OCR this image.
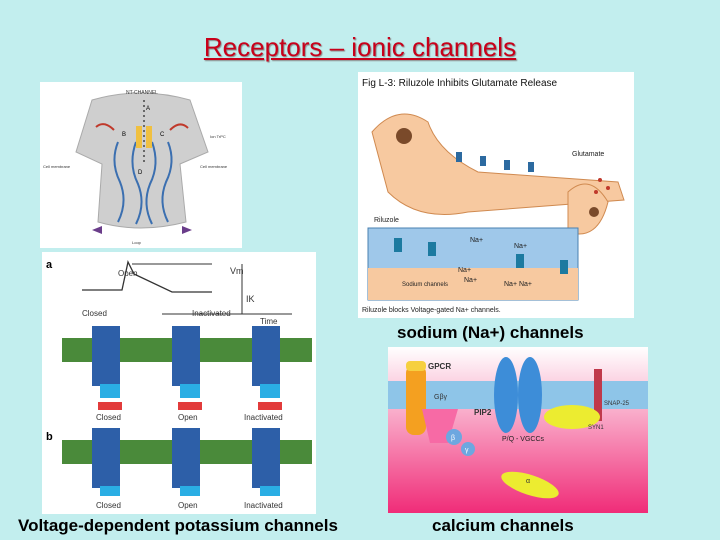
Receptors – ionic channels
NT-CHANNEL
A
B	C
D
Ion TrPC
Cell membrane	Cell membrane
Loop
Fig L-3: Riluzole Inhibits Glutamate Release
Glutamate
Riluzole
Na+
Na+
Na+
Na+
Na+ Na+
Sodium channels
Riluzole blocks Voltage-gated Na+ channels.
sodium (Na+) channels
a
Open
Closed	Inactivated
Vm
IK
Time
Closed	Open	Inactivated
b
Closed	Open	Inactivated
Voltage-dependent potassium channels
GPCR
Gβγ
PIP2
P/Q - VGCCs
SNAP-25
SYN1
β
γ
α
calcium channels
